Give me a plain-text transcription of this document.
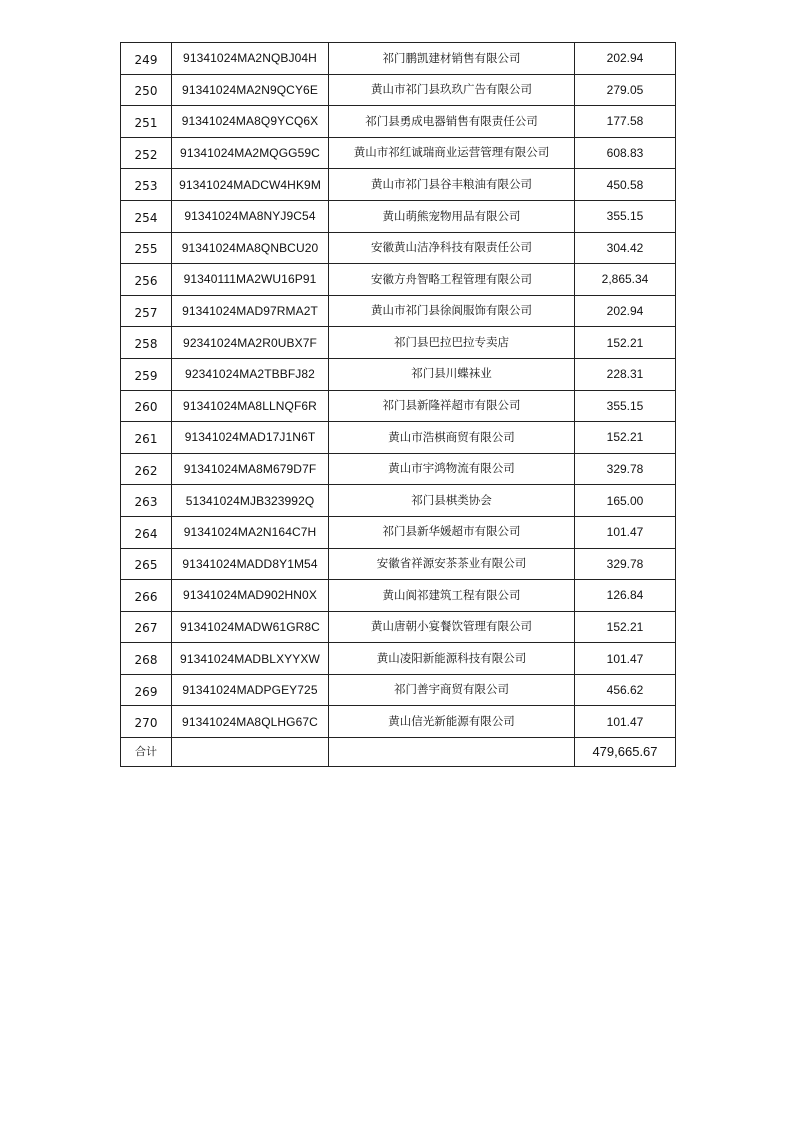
249	91341024MA2NQBJ04H	祁门鹏凯建材销售有限公司	202.94
250	91341024MA2N9QCY6E	黄山市祁门县玖玖广告有限公司	279.05
251	91341024MA8Q9YCQ6X	祁门县勇成电器销售有限责任公司	177.58
252	91341024MA2MQGG59C	黄山市祁红诚瑞商业运营管理有限公司	608.83
253	91341024MADCW4HK9M	黄山市祁门县谷丰粮油有限公司	450.58
254	91341024MA8NYJ9C54	黄山萌熊宠物用品有限公司	355.15
255	91341024MA8QNBCU20	安徽黄山洁净科技有限责任公司	304.42
256	91340111MA2WU16P91	安徽方舟智略工程管理有限公司	2,865.34
257	91341024MAD97RMA2T	黄山市祁门县徐阆服饰有限公司	202.94
258	92341024MA2R0UBX7F	祁门县巴拉巴拉专卖店	152.21
259	92341024MA2TBBFJ82	祁门县川蝶袜业	228.31
260	91341024MA8LLNQF6R	祁门县新隆祥超市有限公司	355.15
261	91341024MAD17J1N6T	黄山市浩棋商贸有限公司	152.21
262	91341024MA8M679D7F	黄山市宇鸿物流有限公司	329.78
263	51341024MJB323992Q	祁门县棋类协会	165.00
264	91341024MA2N164C7H	祁门县新华媛超市有限公司	101.47
265	91341024MADD8Y1M54	安徽省祥源安茶茶业有限公司	329.78
266	91341024MAD902HN0X	黄山阆祁建筑工程有限公司	126.84
267	91341024MADW61GR8C	黄山唐朝小宴餐饮管理有限公司	152.21
268	91341024MADBLXYYXW	黄山凌阳新能源科技有限公司	101.47
269	91341024MADPGEY725	祁门善宇商贸有限公司	456.62
270	91341024MA8QLHG67C	黄山信光新能源有限公司	101.47
合计			479,665.67
